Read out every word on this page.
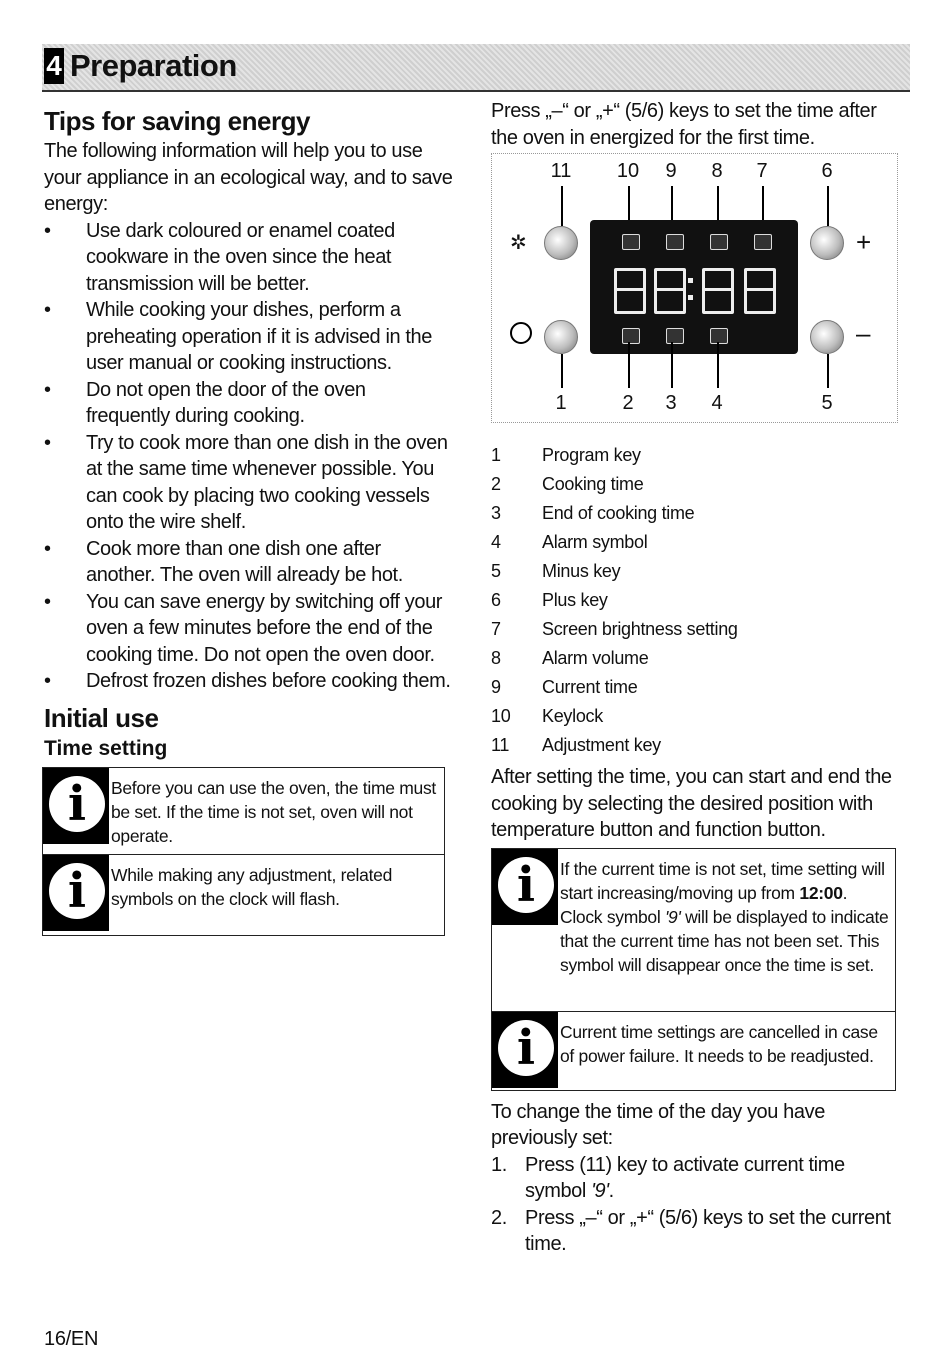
4 Preparation
Tips for saving energy

The following information will help you to use your appliance in an ecological way, and to save energy:

• Use dark coloured or enamel coated cookware in the oven since the heat transmission will be better.
• While cooking your dishes, perform a preheating operation if it is advised in the user manual or cooking instructions.
• Do not open the door of the oven frequently during cooking.
• Try to cook more than one dish in the oven at the same time whenever possible. You can cook by placing two cooking vessels onto the wire shelf.
• Cook more than one dish one after another. The oven will already be hot.
• You can save energy by switching off your oven a few minutes before the end of the cooking time. Do not open the oven door.
• Defrost frozen dishes before cooking them.
Initial use
Time setting
i	Before you can use the oven, the time must be set. If the time is not set, oven will not operate.
i	While making any adjustment, related symbols on the clock will flash.

Press „–“ or „+“ (5/6) keys to set the time after the oven in energized for the first time.

11 10	9	8	7	6
✲	+
–
1	2	3	4	5
1	Program key
2	Cooking time
3	End of cooking time
4	Alarm symbol
5	Minus key
6	Plus key
7	Screen brightness setting
8	Alarm volume
9	Current time
10	Keylock
11	Adjustment key

After setting the time, you can start and end the cooking by selecting the desired position with temperature button and function button.

i	If the current time is not set, time setting will start increasing/moving up from 12:00. Clock symbol '9' will be displayed to indicate that the current time has not been set. This symbol will disappear once the time is set.
i	Current time settings are cancelled in case of power failure. It needs to be readjusted.

To change the time of the day you have previously set:

1. Press (11) key to activate current time symbol '9'.
2. Press „–“ or „+“ (5/6) keys to set the current time.
16/EN
